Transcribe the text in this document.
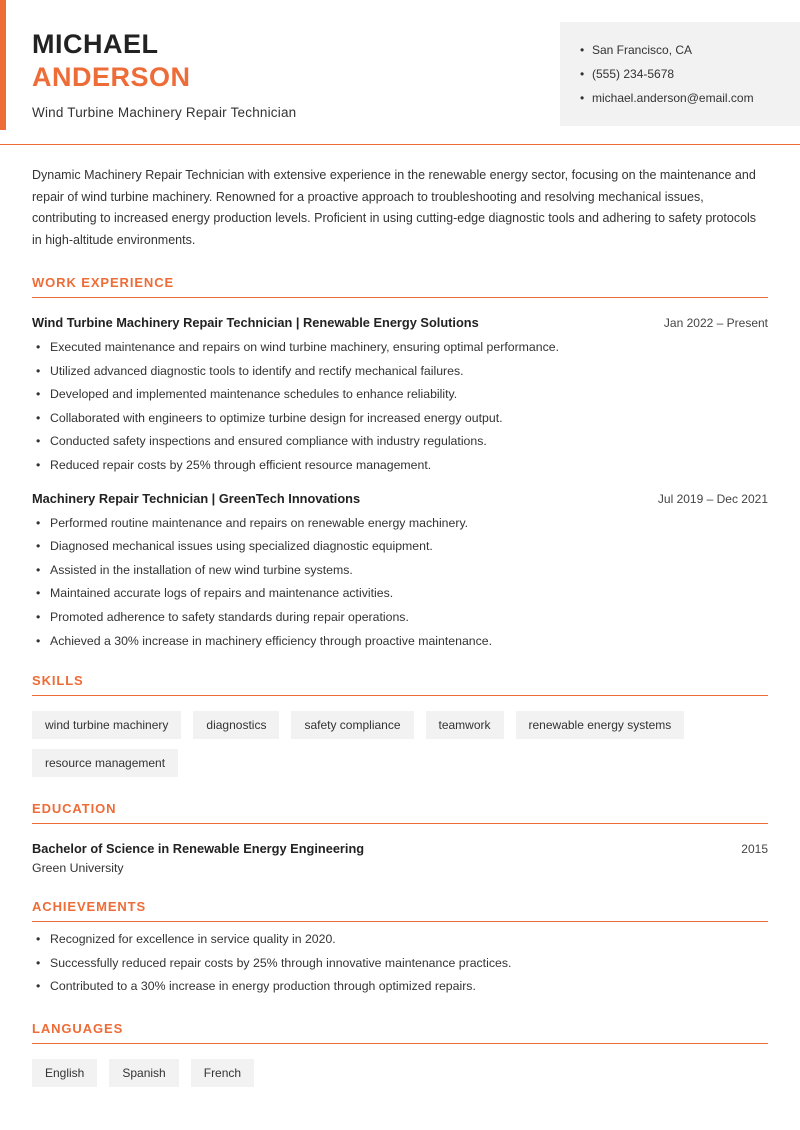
MICHAEL
ANDERSON
Wind Turbine Machinery Repair Technician
• San Francisco, CA
• (555) 234-5678
• michael.anderson@email.com
Dynamic Machinery Repair Technician with extensive experience in the renewable energy sector, focusing on the maintenance and repair of wind turbine machinery. Renowned for a proactive approach to troubleshooting and resolving mechanical issues, contributing to increased energy production levels. Proficient in using cutting-edge diagnostic tools and adhering to safety protocols in high-altitude environments.
WORK EXPERIENCE
Wind Turbine Machinery Repair Technician | Renewable Energy Solutions	Jan 2022 – Present
• Executed maintenance and repairs on wind turbine machinery, ensuring optimal performance.
• Utilized advanced diagnostic tools to identify and rectify mechanical failures.
• Developed and implemented maintenance schedules to enhance reliability.
• Collaborated with engineers to optimize turbine design for increased energy output.
• Conducted safety inspections and ensured compliance with industry regulations.
• Reduced repair costs by 25% through efficient resource management.
Machinery Repair Technician | GreenTech Innovations	Jul 2019 – Dec 2021
• Performed routine maintenance and repairs on renewable energy machinery.
• Diagnosed mechanical issues using specialized diagnostic equipment.
• Assisted in the installation of new wind turbine systems.
• Maintained accurate logs of repairs and maintenance activities.
• Promoted adherence to safety standards during repair operations.
• Achieved a 30% increase in machinery efficiency through proactive maintenance.
SKILLS
wind turbine machinery	diagnostics	safety compliance	teamwork	renewable energy systems
resource management
EDUCATION
Bachelor of Science in Renewable Energy Engineering	2015
Green University
ACHIEVEMENTS
• Recognized for excellence in service quality in 2020.
• Successfully reduced repair costs by 25% through innovative maintenance practices.
• Contributed to a 30% increase in energy production through optimized repairs.
LANGUAGES
English	Spanish	French
